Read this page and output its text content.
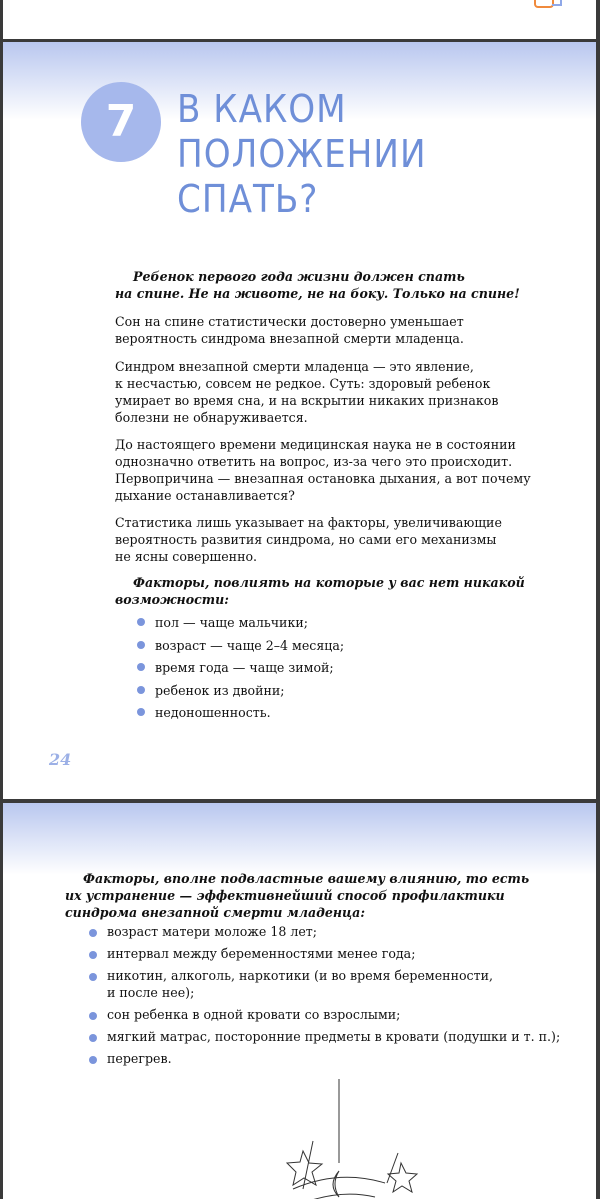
7	В КАКОМ
ПОЛОЖЕНИИ
СПАТЬ?
Ребенок первого года жизни должен спать
на спине. Не на животе, не на боку. Только на спине!
Сон на спине статистически достоверно уменьшает
вероятность синдрома внезапной смерти младенца.
Синдром внезапной смерти младенца — это явление,
к несчастью, совсем не редкое. Суть: здоровый ребенок
умирает во время сна, и на вскрытии никаких признаков
болезни не обнаруживается.
До настоящего времени медицинская наука не в состоянии
однозначно ответить на вопрос, из-за чего это происходит.
Первопричина — внезапная остановка дыхания, а вот почему
дыхание останавливается?
Статистика лишь указывает на факторы, увеличивающие
вероятность развития синдрома, но сами его механизмы
не ясны совершенно.
Факторы, повлиять на которые у вас нет никакой
возможности:
пол — чаще мальчики;
возраст — чаще 2–4 месяца;
время года — чаще зимой;
ребенок из двойни;
недоношенность.
24
Факторы, вполне подвластные вашему влиянию, то есть
их устранение — эффективнейший способ профилактики
синдрома внезапной смерти младенца:
возраст матери моложе 18 лет;
интервал между беременностями менее года;
никотин, алкоголь, наркотики (и во время беременности,
и после нее);
сон ребенка в одной кровати со взрослыми;
мягкий матрас, посторонние предметы в кровати (подушки и т. п.);
перегрев.
